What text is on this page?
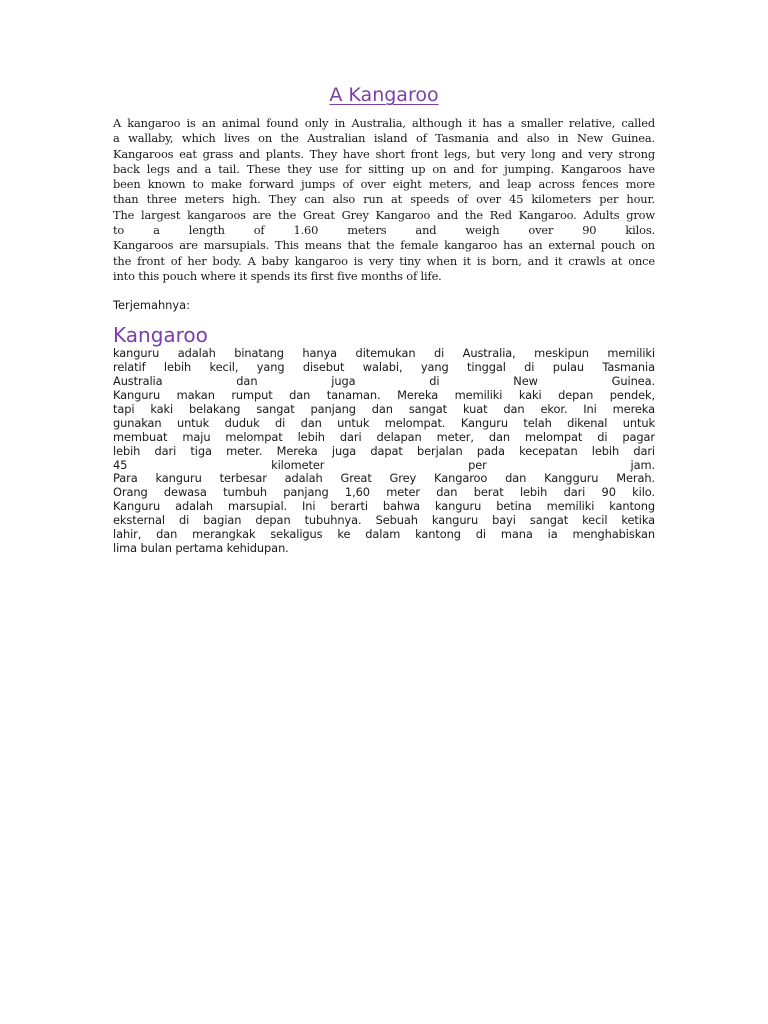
A Kangaroo

A kangaroo is an animal found only in Australia, although it has a smaller relative, called
a wallaby, which lives on the Australian island of Tasmania and also in New Guinea.
Kangaroos eat grass and plants. They have short front legs, but very long and very strong
back legs and a tail. These they use for sitting up on and for jumping. Kangaroos have
been known to make forward jumps of over eight meters, and leap across fences more
than three meters high. They can also run at speeds of over 45 kilometers per hour.
The largest kangaroos are the Great Grey Kangaroo and the Red Kangaroo. Adults grow
to a length of 1.60 meters and weigh over 90 kilos.
Kangaroos are marsupials. This means that the female kangaroo has an external pouch on
the front of her body. A baby kangaroo is very tiny when it is born, and it crawls at once
into this pouch where it spends its first five months of life.

Terjemahnya:

Kangaroo

kanguru adalah binatang hanya ditemukan di Australia, meskipun memiliki
relatif lebih kecil, yang disebut walabi, yang tinggal di pulau Tasmania
Australia dan juga di New Guinea.
Kanguru makan rumput dan tanaman. Mereka memiliki kaki depan pendek,
tapi kaki belakang sangat panjang dan sangat kuat dan ekor. Ini mereka
gunakan untuk duduk di dan untuk melompat. Kanguru telah dikenal untuk
membuat maju melompat lebih dari delapan meter, dan melompat di pagar
lebih dari tiga meter. Mereka juga dapat berjalan pada kecepatan lebih dari
45 kilometer per jam.
Para kanguru terbesar adalah Great Grey Kangaroo dan Kangguru Merah.
Orang dewasa tumbuh panjang 1,60 meter dan berat lebih dari 90 kilo.
Kanguru adalah marsupial. Ini berarti bahwa kanguru betina memiliki kantong
eksternal di bagian depan tubuhnya. Sebuah kanguru bayi sangat kecil ketika
lahir, dan merangkak sekaligus ke dalam kantong di mana ia menghabiskan
lima bulan pertama kehidupan.
